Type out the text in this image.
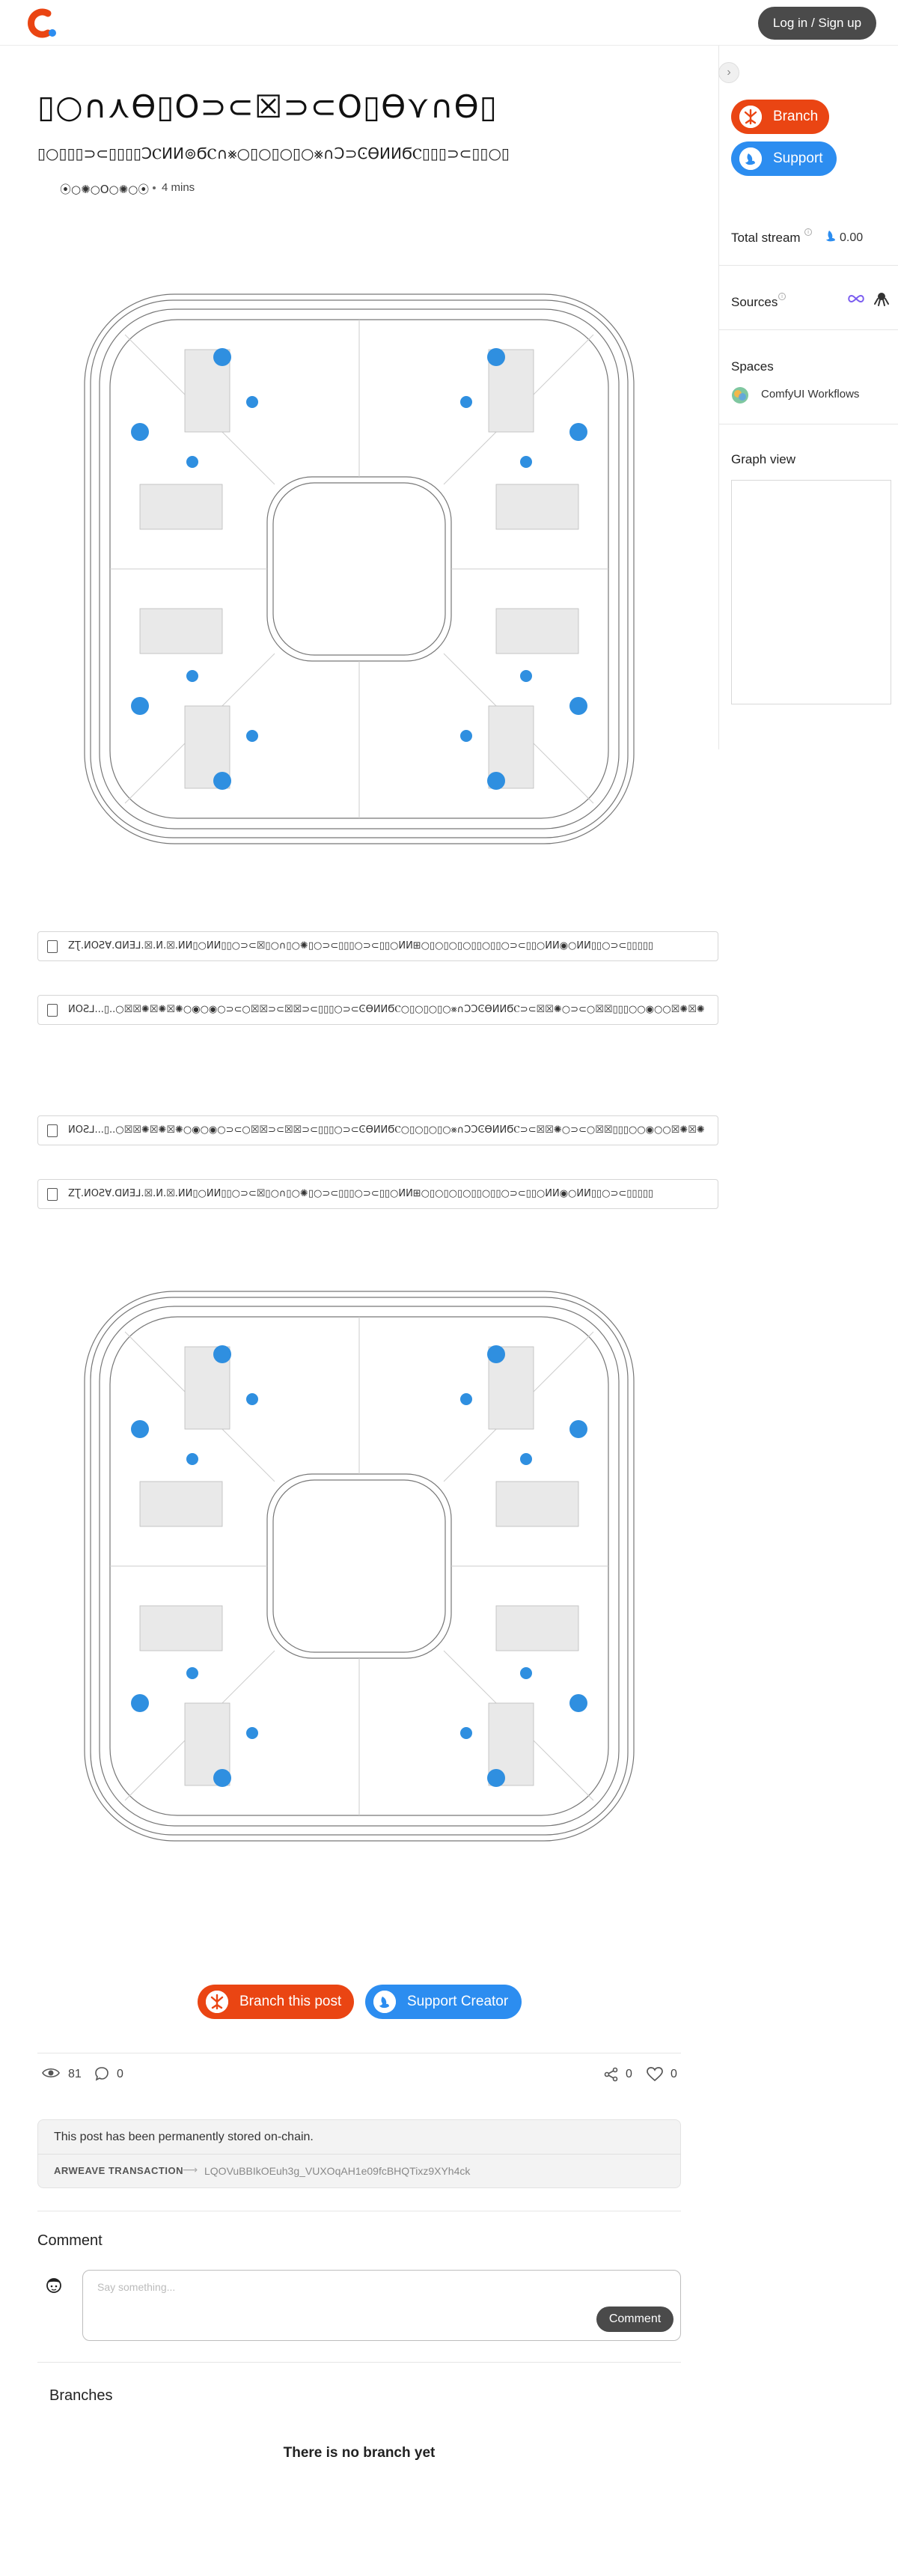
Log in / Sign up
›
Branch
Support
Total stream	i	0.00
Sources i
Spaces
ComfyUI Workflows
Graph view
▯○∩⋏ϴ▯Ο⊃⊂☒⊃⊂Ο▯ϴ⋎∩ϴ▯
▯○▯▯▯⊃⊂▯▯▯▯ƆⲤИИ⊚ϬⲤ∩⨳○▯○▯○▯○⨳∩Ɔ⊃ϾϴИИϬⲤ▯▯▯⊃⊂▯▯○▯
⦿○✺○Ο○✺○⦿ 4 mins
ZƮ.ИOƧⱯ.ᗡИƎ⅃.☒.И.☒.ИИ▯○ИИ▯▯○⊃⊂☒▯○∩▯○✺▯○⊃⊂▯▯▯○⊃⊂▯▯○ИИ⊞○▯○▯○▯○▯▯○▯▯○⊃⊂▯▯○ИИ◉○ИИ▯▯○⊃⊂▯▯▯▯▯
ИOƧ⅃...▯..○☒☒✺☒✺☒✺○◉○◉○⊃⊂○☒☒⊃⊂☒☒⊃⊂▯▯▯○⊃⊂ϾϴИИϬⲤ○▯○▯○▯○⨳∩ƆƆϾϴИИϬⲤ⊃⊂☒☒✺○⊃⊂○☒☒▯▯▯○○◉○○☒✺☒✺
ИOƧ⅃...▯..○☒☒✺☒✺☒✺○◉○◉○⊃⊂○☒☒⊃⊂☒☒⊃⊂▯▯▯○⊃⊂ϾϴИИϬⲤ○▯○▯○▯○⨳∩ƆƆϾϴИИϬⲤ⊃⊂☒☒✺○⊃⊂○☒☒▯▯▯○○◉○○☒✺☒✺
ZƮ.ИOƧⱯ.ᗡИƎ⅃.☒.И.☒.ИИ▯○ИИ▯▯○⊃⊂☒▯○∩▯○✺▯○⊃⊂▯▯▯○⊃⊂▯▯○ИИ⊞○▯○▯○▯○▯▯○▯▯○⊃⊂▯▯○ИИ◉○ИИ▯▯○⊃⊂▯▯▯▯▯
Branch this post	Support Creator
81	0	0	0
This post has been permanently stored on-chain.
ARWEAVE TRANSACTION ⟶ LQOVuBBIkOEuh3g_VUXOqAH1e09fcBHQTixz9XYh4ck
Comment
Say something...
Comment
Branches
There is no branch yet
